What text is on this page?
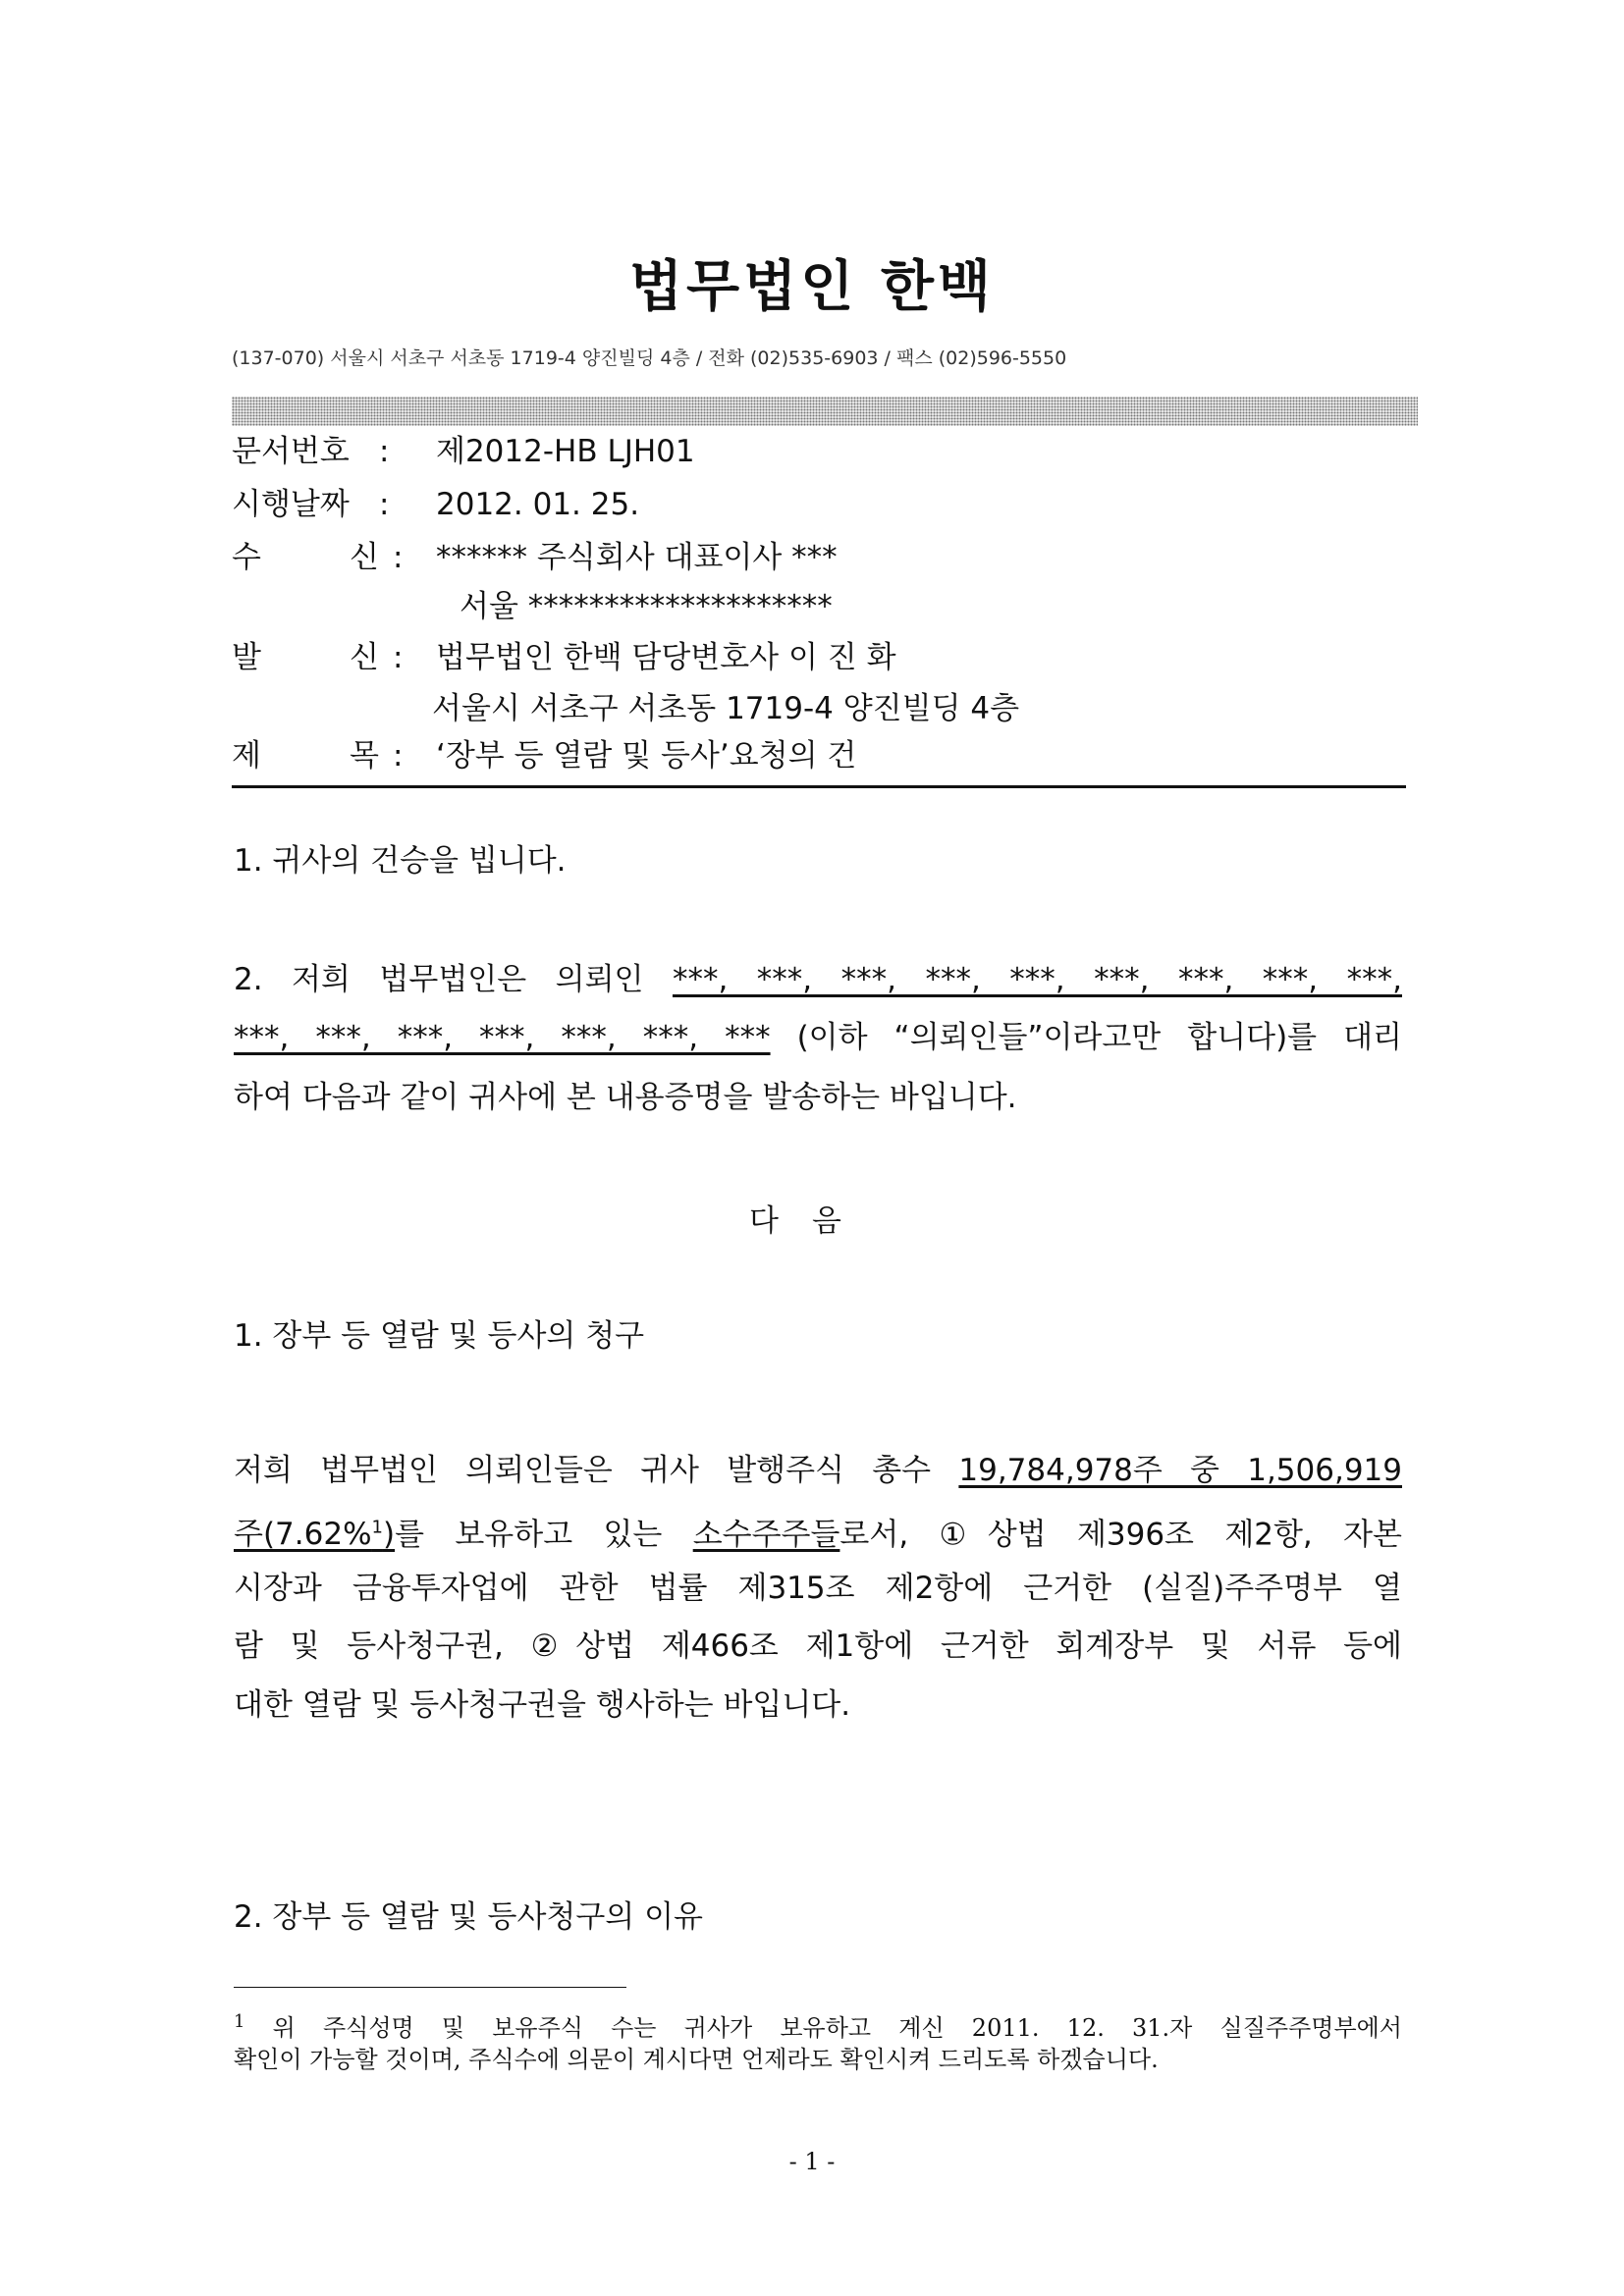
법무법인 한백
(137-070) 서울시 서초구 서초동 1719-4 양진빌딩 4층 / 전화 (02)535-6903 / 팩스 (02)596-5550
문서번호 : 제2012-HB LJH01
시행날짜 : 2012. 01. 25.
수	신 : ****** 주식회사 대표이사 ***
서울 ********************
발	신 : 법무법인 한백 담당변호사 이 진 화
서울시 서초구 서초동 1719-4 양진빌딩 4층
제	목 : ‘장부 등 열람 및 등사’요청의 건
1. 귀사의 건승을 빕니다.
2. 저희 법무법인은 의뢰인 ***, ***, ***, ***, ***, ***, ***, ***, ***,
***, ***, ***, ***, ***, ***, *** (이하 “의뢰인들”이라고만 합니다)를 대리
하여 다음과 같이 귀사에 본 내용증명을 발송하는 바입니다.
다음
1. 장부 등 열람 및 등사의 청구
저희 법무법인 의뢰인들은 귀사 발행주식 총수 19,784,978주 중 1,506,919
주(7.62%$^1$)를 보유하고 있는 소수주주들로서, ①상법 제396조 제2항, 자본
시장과 금융투자업에 관한 법률 제315조 제2항에 근거한 (실질)주주명부 열
람 및 등사청구권, ②상법 제466조 제1항에 근거한 회계장부 및 서류 등에
대한 열람 및 등사청구권을 행사하는 바입니다.
2. 장부 등 열람 및 등사청구의 이유
$^1$ 위 주식성명 및 보유주식 수는 귀사가 보유하고 계신 2011. 12. 31.자 실질주주명부에서
확인이 가능할 것이며, 주식수에 의문이 계시다면 언제라도 확인시켜 드리도록 하겠습니다.
- 1 -
